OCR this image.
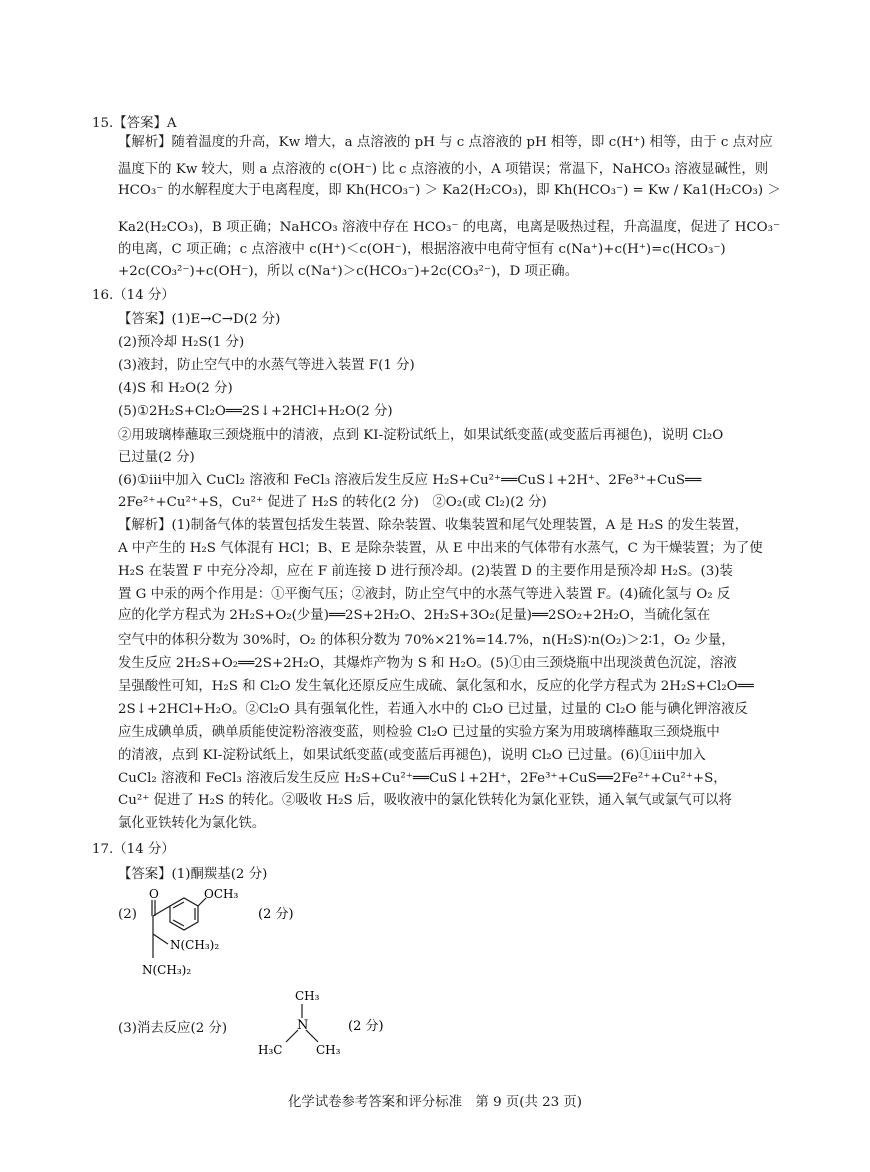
15.【答案】A
【解析】随着温度的升高，Kw 增大，a 点溶液的 pH 与 c 点溶液的 pH 相等，即 c(H⁺) 相等，由于 c 点对应
温度下的 Kw 较大，则 a 点溶液的 c(OH⁻) 比 c 点溶液的小，A 项错误；常温下，NaHCO₃ 溶液显碱性，则
HCO₃⁻ 的水解程度大于电离程度，即 Kh(HCO₃⁻) ＞ Ka2(H₂CO₃)，即 Kh(HCO₃⁻) = Kw / Ka1(H₂CO₃) ＞
Ka2(H₂CO₃)，B 项正确；NaHCO₃ 溶液中存在 HCO₃⁻ 的电离，电离是吸热过程，升高温度，促进了 HCO₃⁻
的电离，C 项正确；c 点溶液中 c(H⁺)＜c(OH⁻)，根据溶液中电荷守恒有 c(Na⁺)+c(H⁺)=c(HCO₃⁻)
+2c(CO₃²⁻)+c(OH⁻)，所以 c(Na⁺)＞c(HCO₃⁻)+2c(CO₃²⁻)，D 项正确。
16.（14 分）
【答案】(1)E→C→D(2 分)
(2)预冷却 H₂S(1 分)
(3)液封，防止空气中的水蒸气等进入装置 F(1 分)
(4)S 和 H₂O(2 分)
(5)①2H₂S+Cl₂O══2S↓+2HCl+H₂O(2 分)
②用玻璃棒蘸取三颈烧瓶中的清液，点到 KI-淀粉试纸上，如果试纸变蓝(或变蓝后再褪色)，说明 Cl₂O
已过量(2 分)
(6)①ⅲ中加入 CuCl₂ 溶液和 FeCl₃ 溶液后发生反应 H₂S+Cu²⁺══CuS↓+2H⁺、2Fe³⁺+CuS══
2Fe²⁺+Cu²⁺+S，Cu²⁺ 促进了 H₂S 的转化(2 分)　②O₂(或 Cl₂)(2 分)
【解析】(1)制备气体的装置包括发生装置、除杂装置、收集装置和尾气处理装置，A 是 H₂S 的发生装置，
A 中产生的 H₂S 气体混有 HCl；B、E 是除杂装置，从 E 中出来的气体带有水蒸气，C 为干燥装置；为了使
H₂S 在装置 F 中充分冷却，应在 F 前连接 D 进行预冷却。(2)装置 D 的主要作用是预冷却 H₂S。(3)装
置 G 中汞的两个作用是：①平衡气压；②液封，防止空气中的水蒸气等进入装置 F。(4)硫化氢与 O₂ 反
应的化学方程式为 2H₂S+O₂(少量)══2S+2H₂O、2H₂S+3O₂(足量)══2SO₂+2H₂O，当硫化氢在
空气中的体积分数为 30%时，O₂ 的体积分数为 70%×21%=14.7%，n(H₂S)∶n(O₂)＞2∶1，O₂ 少量，
发生反应 2H₂S+O₂══2S+2H₂O，其爆炸产物为 S 和 H₂O。(5)①由三颈烧瓶中出现淡黄色沉淀，溶液
呈强酸性可知，H₂S 和 Cl₂O 发生氧化还原反应生成硫、氯化氢和水，反应的化学方程式为 2H₂S+Cl₂O══
2S↓+2HCl+H₂O。②Cl₂O 具有强氧化性，若通入水中的 Cl₂O 已过量，过量的 Cl₂O 能与碘化钾溶液反
应生成碘单质，碘单质能使淀粉溶液变蓝，则检验 Cl₂O 已过量的实验方案为用玻璃棒蘸取三颈烧瓶中
的清液，点到 KI-淀粉试纸上，如果试纸变蓝(或变蓝后再褪色)，说明 Cl₂O 已过量。(6)①ⅲ中加入
CuCl₂ 溶液和 FeCl₃ 溶液后发生反应 H₂S+Cu²⁺══CuS↓+2H⁺，2Fe³⁺+CuS══2Fe²⁺+Cu²⁺+S，
Cu²⁺ 促进了 H₂S 的转化。②吸收 H₂S 后，吸收液中的氯化铁转化为氯化亚铁，通入氧气或氯气可以将
氯化亚铁转化为氯化铁。
17.（14 分）
【答案】(1)酮羰基(2 分)
(2)
O	OCH₃
N(CH₃)₂
N(CH₃)₂
(2 分)
(3)消去反应(2 分)
CH₃
N
H₃C	CH₃
(2 分)
化学试卷参考答案和评分标准　第 9 页(共 23 页)
